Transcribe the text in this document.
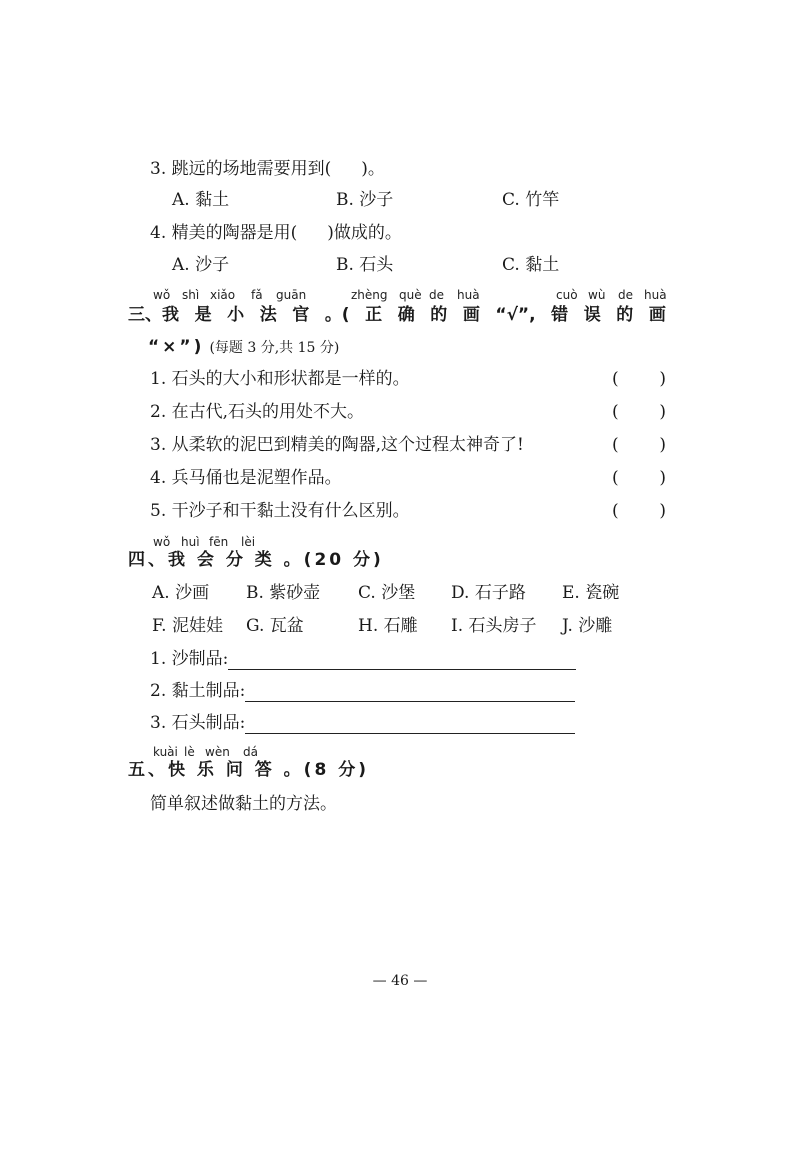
3. 跳远的场地需要用到( )。
A. 黏土	B. 沙子	C. 竹竿
4. 精美的陶器是用( )做成的。
A. 沙子	B. 石头	C. 黏土
wǒ shì xiǎo fǎ guān	zhèng què de huà	cuò wù de huà
三、我 是 小 法 官 。( 正 确 的 画 “√”, 错 误 的 画
“×”) (每题 3 分,共 15 分)
1. 石头的大小和形状都是一样的。	( )
2. 在古代,石头的用处不大。	( )
3. 从柔软的泥巴到精美的陶器,这个过程太神奇了!	( )
4. 兵马俑也是泥塑作品。	( )
5. 干沙子和干黏土没有什么区别。	( )
wǒ huì fēn lèi
四、我 会 分 类 。(20 分)
A. 沙画 B. 紫砂壶 C. 沙堡 D. 石子路 E. 瓷碗
F. 泥娃娃 G. 瓦盆	H. 石雕 I. 石头房子 J. 沙雕
1. 沙制品:
2. 黏土制品:
3. 石头制品:
kuài lè wèn dá
五、快 乐 问 答 。(8 分)
简单叙述做黏土的方法。
— 46 —
